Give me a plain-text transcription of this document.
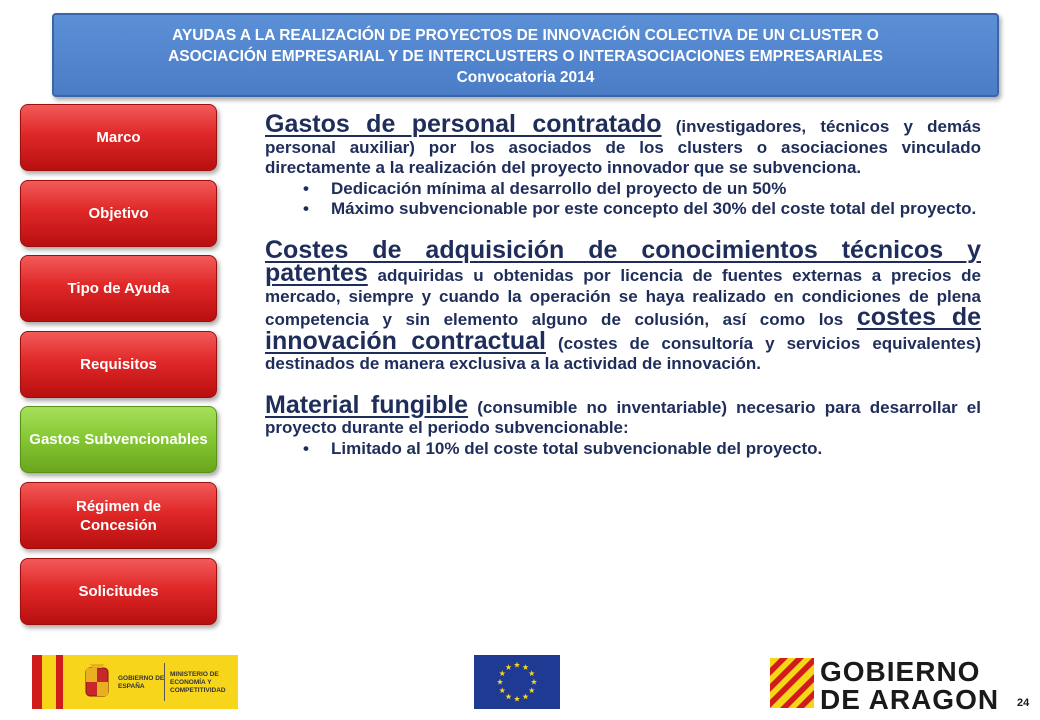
AYUDAS A LA REALIZACIÓN DE PROYECTOS DE INNOVACIÓN COLECTIVA DE UN CLUSTER O
ASOCIACIÓN EMPRESARIAL Y DE INTERCLUSTERS O INTERASOCIACIONES EMPRESARIALES
Convocatoria 2014
Marco
Objetivo
Tipo de Ayuda
Requisitos
Gastos Subvencionables
Régimen de Concesión
Solicitudes

Gastos de personal contratado (investigadores, técnicos y demás personal auxiliar) por los asociados de los clusters o asociaciones vinculado directamente a la realización del proyecto innovador que se subvenciona.

• Dedicación mínima al desarrollo del proyecto de un 50%
• Máximo subvencionable por este concepto del 30% del coste total del proyecto.

Costes de adquisición de conocimientos técnicos y patentes adquiridas u obtenidas por licencia de fuentes externas a precios de mercado, siempre y cuando la operación se haya realizado en condiciones de plena competencia y sin elemento alguno de colusión, así como los costes de innovación contractual (costes de consultoría y servicios equivalentes) destinados de manera exclusiva a la actividad de innovación.

Material fungible (consumible no inventariable) necesario para desarrollar el proyecto durante el periodo subvencionable:

• Limitado al 10% del coste total subvencionable del proyecto.
GOBIERNO DE ESPAÑA
MINISTERIO DE ECONOMÍA Y COMPETITIVIDAD
GOBIERNO
DE ARAGON 24
